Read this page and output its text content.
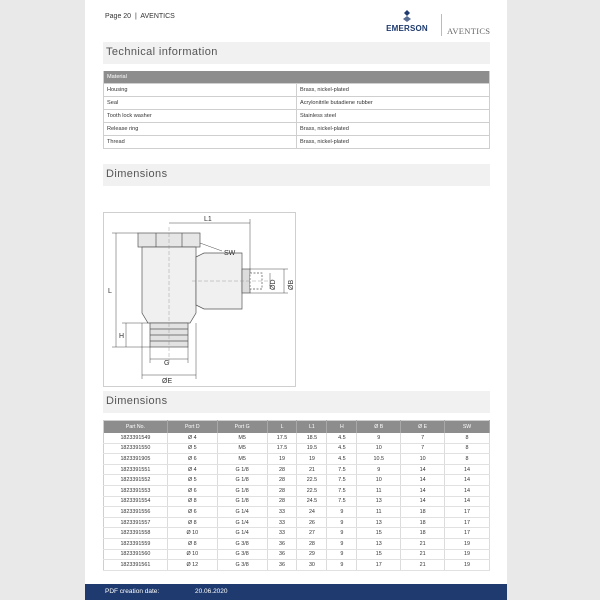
Page 20 | AVENTICS
EMERSON	AVENTICS
Technical information
Material	
Housing	Brass, nickel-plated
Seal	Acrylonitrile butadiene rubber
Tooth lock washer	Stainless steel
Release ring	Brass, nickel-plated
Thread	Brass, nickel-plated
Dimensions
L1
SW
L
H
G
ØE
ØD ØB
Dimensions
Part No.	Port D	Port G	L	L1	H	Ø B	Ø E	SW
1823391549	Ø 4	M5	17.5	18.5	4.5	9	7	8
1823391550	Ø 5	M5	17.5	19.5	4.5	10	7	8
1823391905	Ø 6	M5	19	19	4.5	10.5	10	8
1823391551	Ø 4	G 1/8	28	21	7.5	9	14	14
1823391552	Ø 5	G 1/8	28	22.5	7.5	10	14	14
1823391553	Ø 6	G 1/8	28	22.5	7.5	11	14	14
1823391554	Ø 8	G 1/8	28	24.5	7.5	13	14	14
1823391556	Ø 6	G 1/4	33	24	9	11	18	17
1823391557	Ø 8	G 1/4	33	26	9	13	18	17
1823391558	Ø 10	G 1/4	33	27	9	15	18	17
1823391559	Ø 8	G 3/8	36	28	9	13	21	19
1823391560	Ø 10	G 3/8	36	29	9	15	21	19
1823391561	Ø 12	G 3/8	36	30	9	17	21	19
PDF creation date:	20.06.2020
